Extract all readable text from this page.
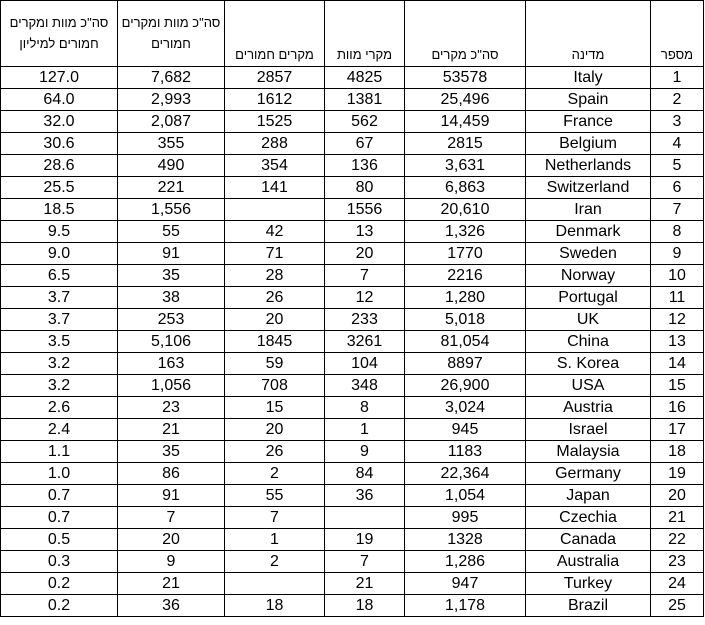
סה"כ מוות ומקרים חמורים למיליון	סה"כ מוות ומקרים חמורים	מקרים חמורים	מקרי מוות	סה"כ מקרים	מדינה	מספר

127.0	7,682	2857	4825	53578	Italy	1
64.0	2,993	1612	1381	25,496	Spain	2
32.0	2,087	1525	562	14,459	France	3
30.6	355	288	67	2815	Belgium	4
28.6	490	354	136	3,631	Netherlands	5
25.5	221	141	80	6,863	Switzerland	6
18.5	1,556		1556	20,610	Iran	7
9.5	55	42	13	1,326	Denmark	8
9.0	91	71	20	1770	Sweden	9
6.5	35	28	7	2216	Norway	10
3.7	38	26	12	1,280	Portugal	11
3.7	253	20	233	5,018	UK	12
3.5	5,106	1845	3261	81,054	China	13
3.2	163	59	104	8897	S. Korea	14
3.2	1,056	708	348	26,900	USA	15
2.6	23	15	8	3,024	Austria	16
2.4	21	20	1	945	Israel	17
1.1	35	26	9	1183	Malaysia	18
1.0	86	2	84	22,364	Germany	19
0.7	91	55	36	1,054	Japan	20
0.7	7	7		995	Czechia	21
0.5	20	1	19	1328	Canada	22
0.3	9	2	7	1,286	Australia	23
0.2	21		21	947	Turkey	24
0.2	36	18	18	1,178	Brazil	25
